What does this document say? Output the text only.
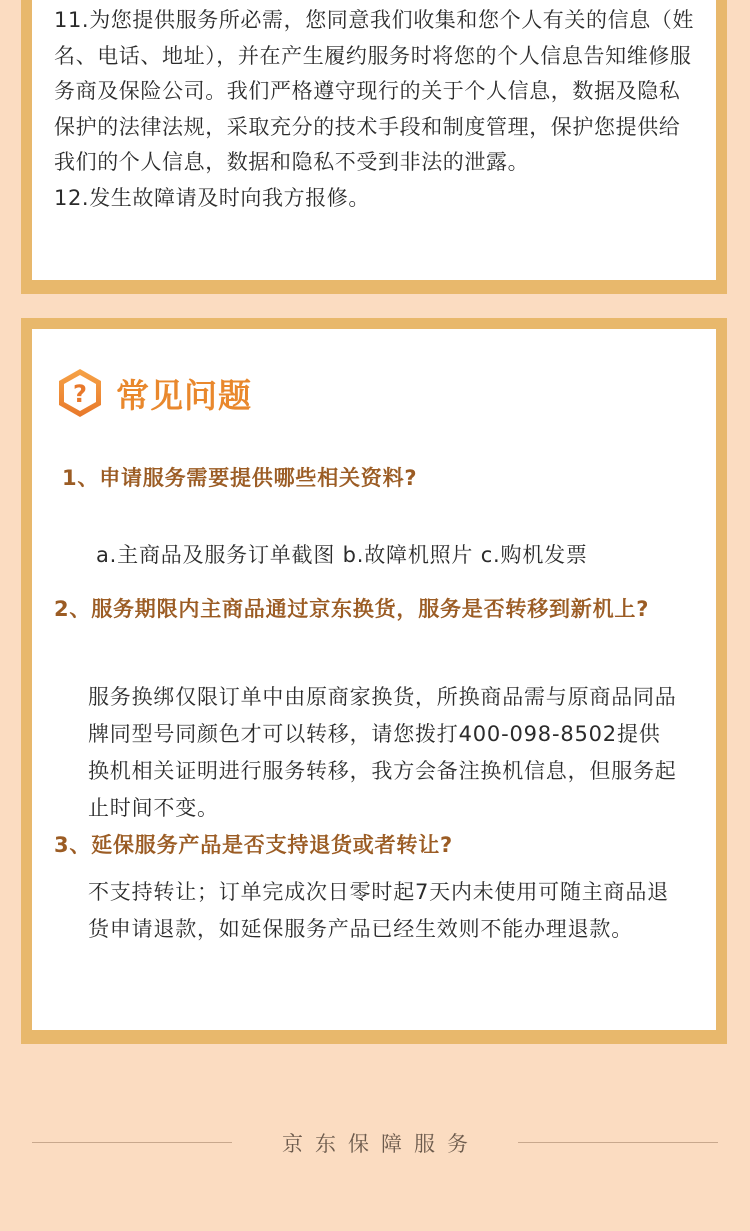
11.为您提供服务所必需，您同意我们收集和您个人有关的信息（姓名、电话、地址），并在产生履约服务时将您的个人信息告知维修服务商及保险公司。我们严格遵守现行的关于个人信息，数据及隐私保护的法律法规，采取充分的技术手段和制度管理，保护您提供给我们的个人信息，数据和隐私不受到非法的泄露。

12.发生故障请及时向我方报修。

? 常见问题
1、申请服务需要提供哪些相关资料?
a.主商品及服务订单截图 b.故障机照片 c.购机发票
2、服务期限内主商品通过京东换货，服务是否转移到新机上?
服务换绑仅限订单中由原商家换货，所换商品需与原商品同品牌同型号同颜色才可以转移，请您拨打400-098-8502提供换机相关证明进行服务转移，我方会备注换机信息，但服务起止时间不变。
3、延保服务产品是否支持退货或者转让?
不支持转让；订单完成次日零时起7天内未使用可随主商品退货申请退款，如延保服务产品已经生效则不能办理退款。
京东保障服务
